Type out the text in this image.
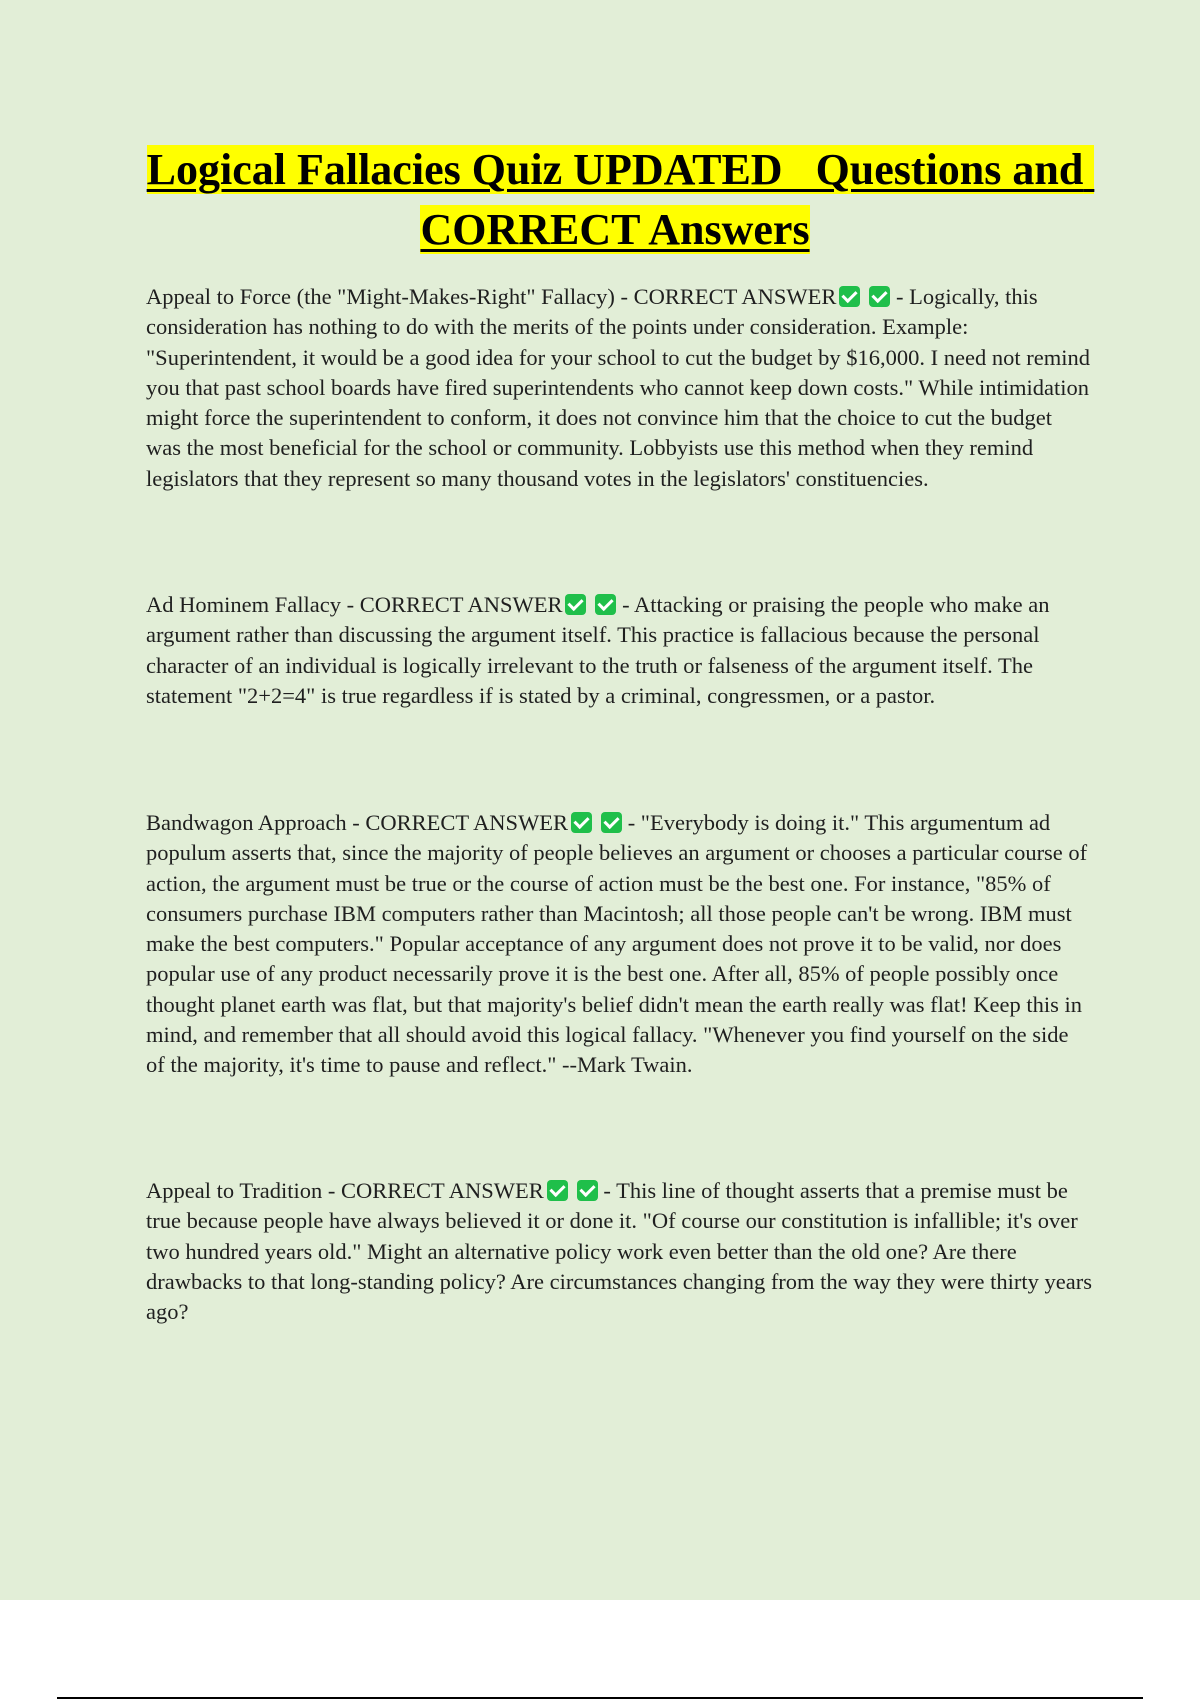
Logical Fallacies Quiz UPDATED   Questions and CORRECT Answers

Appeal to Force (the "Might-Makes-Right" Fallacy) - CORRECT ANSWER	- Logically, this consideration has nothing to do with the merits of the points under consideration. Example: "Superintendent, it would be a good idea for your school to cut the budget by $16,000. I need not remind you that past school boards have fired superintendents who cannot keep down costs." While intimidation might force the superintendent to conform, it does not convince him that the choice to cut the budget was the most beneficial for the school or community. Lobbyists use this method when they remind legislators that they represent so many thousand votes in the legislators' constituencies.

Ad Hominem Fallacy - CORRECT ANSWER	- Attacking or praising the people who make an argument rather than discussing the argument itself. This practice is fallacious because the personal character of an individual is logically irrelevant to the truth or falseness of the argument itself. The statement "2+2=4" is true regardless if is stated by a criminal, congressmen, or a pastor.

Bandwagon Approach - CORRECT ANSWER	- "Everybody is doing it." This argumentum ad populum asserts that, since the majority of people believes an argument or chooses a particular course of action, the argument must be true or the course of action must be the best one. For instance, "85% of consumers purchase IBM computers rather than Macintosh; all those people can't be wrong. IBM must make the best computers." Popular acceptance of any argument does not prove it to be valid, nor does popular use of any product necessarily prove it is the best one. After all, 85% of people possibly once thought planet earth was flat, but that majority's belief didn't mean the earth really was flat! Keep this in mind, and remember that all should avoid this logical fallacy. "Whenever you find yourself on the side of the majority, it's time to pause and reflect." --Mark Twain.

Appeal to Tradition - CORRECT ANSWER	- This line of thought asserts that a premise must be true because people have always believed it or done it. "Of course our constitution is infallible; it's over two hundred years old." Might an alternative policy work even better than the old one? Are there drawbacks to that long-standing policy? Are circumstances changing from the way they were thirty years ago?
